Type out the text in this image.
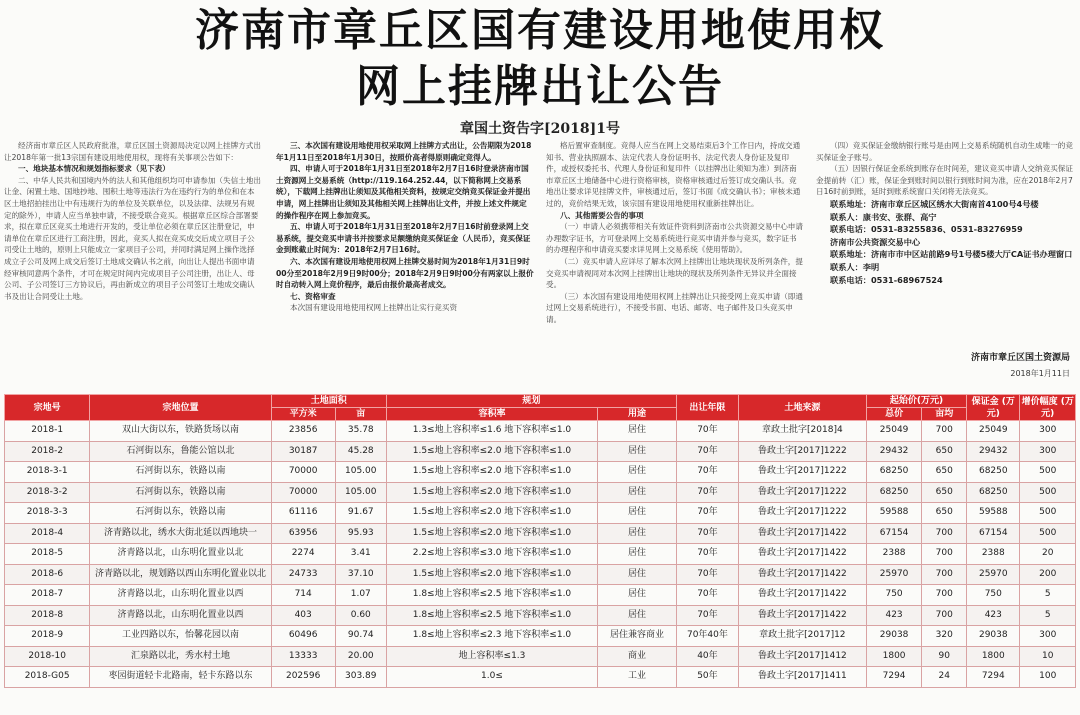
济南市章丘区国有建设用地使用权
网上挂牌出让公告
章国土资告字[2018]1号

经济南市章丘区人民政府批准，章丘区国土资源局决定以网上挂牌方式出让2018年第一批13宗国有建设用地使用权，现将有关事项公告如下：

一、地块基本情况和规划指标要求（见下表）

二、中华人民共和国境内外的法人和其他组织均可申请参加（失信土地出让金、闲置土地、国地抄地、囤积土地等违法行为在违约行为的单位和在本区土地招拍挂出让中有违规行为的单位及关联单位，以及法律、法规另有规定的除外），申请人应当单独申请，不接受联合竞买。根据章丘区综合部署要求，拟在章丘区竞买土地进行开发的，受让单位必须在章丘区注册登记，申请单位在章丘区进行工商注册，因此，竞买人拟在竞买成交后成立项目子公司受让土地的，原则上只能成立一家项目子公司，并同时满足网上操作选择成立子公司及网上成交后签订土地成交确认书之前，向出让人提出书面申请经审核同意两个条件，才可在规定时间内完成项目子公司注册，出让人、母公司、子公司签订三方协议后，再由新成立的项目子公司签订土地成交确认书及出让合同受让土地。

三、本次国有建设用地使用权采取网上挂牌方式出让，公告期限为2018年1月11日至2018年1月30日，按照价高者得原则确定竞得人。

四、申请人可于2018年1月31日至2018年2月7日16时登录济南市国土资源网上交易系统（http://119.164.252.44，以下简称网上交易系统），下载网上挂牌出让须知及其他相关资料，按规定交纳竞买保证金并提出申请，网上挂牌出让须知及其他相关网上挂牌出让文件，并按上述文件规定的操作程序在网上参加竞买。

五、申请人可于2018年1月31日至2018年2月7日16时前登录网上交易系统，提交竞买申请书并按要求足额缴纳竞买保证金（人民币），竞买保证金到账截止时间为：2018年2月7日16时。

六、本次国有建设用地使用权网上挂牌交易时间为2018年1月31日9时00分至2018年2月9日9时00分；2018年2月9日9时00分有两家以上报价时自动转入网上竞价程序，最后由报价最高者成交。

七、资格审查

本次国有建设用地使用权网上挂牌出让实行竞买资

格后置审查制度。竞得人应当在网上交易结束后3个工作日内，持成交通知书、营业执照副本、法定代表人身份证明书、法定代表人身份证及复印件，或授权委托书、代理人身份证和复印件（以挂牌出让须知为准）到济南市章丘区土地储备中心进行资格审核，资格审核通过后签订成交确认书。竞地出让要求详见挂牌文件，审核通过后，签订书面《成交确认书》；审核未通过的，竞价结果无效，该宗国有建设用地使用权重新挂牌出让。

八、其他需要公告的事项

（一）申请人必须携带相关有效证件资料到济南市公共资源交易中心申请办理数字证书，方可登录网上交易系统进行竞买申请并参与竞买，数字证书的办理程序和申请竞买要求详见网上交易系统《使用帮助》。

（二）竞买申请人应详尽了解本次网上挂牌出让地块现状及所列条件，提交竞买申请视同对本次网上挂牌出让地块的现状及所列条件无异议并全面接受。

（三）本次国有建设用地使用权网上挂牌出让只接受网上竞买申请（即通过网上交易系统进行），不接受书面、电话、邮寄、电子邮件及口头竞买申请。

（四）竞买保证金缴纳银行账号是由网上交易系统随机自动生成唯一的竞买保证金子账号。

（五）因银行保证金系统到账存在时间差，建议竞买申请人交纳竞买保证金提前转（汇）账，保证金到账时间以银行到账时间为准，应在2018年2月7日16时前到账，延时到账系统窗口关闭将无法竞买。

联系地址：济南市章丘区城区绣水大街南首4100号4号楼

联系人：康书安、张群、高宁

联系电话：0531-83255836、0531-83276959

济南市公共资源交易中心

联系地址：济南市市中区站前路9号1号楼5楼大厅CA证书办理窗口

联系人：李明

联系电话：0531-68967524

济南市章丘区国土资源局
2018年1月11日
宗地号	宗地位置	土地面积		规划		出让年限	土地来源	起始价(万元)		保证金 (万元)	增价幅度 (万元)
		平方米	亩	容积率	用途			总价	亩均		
2018-1	双山大街以东，铁路货场以南	23856	35.78	1.3≤地上容积率≤1.6 地下容积率≤1.0	居住	70年	章政土批字[2018]4	25049	700	25049	300
2018-2	石河街以东，鲁能公馆以北	30187	45.28	1.5≤地上容积率≤2.0 地下容积率≤1.0	居住	70年	鲁政土字[2017]1222	29432	650	29432	300
2018-3-1	石河街以东，铁路以南	70000	105.00	1.5≤地上容积率≤2.0 地下容积率≤1.0	居住	70年	鲁政土字[2017]1222	68250	650	68250	500
2018-3-2	石河街以东，铁路以南	70000	105.00	1.5≤地上容积率≤2.0 地下容积率≤1.0	居住	70年	鲁政土字[2017]1222	68250	650	68250	500
2018-3-3	石河街以东，铁路以南	61116	91.67	1.5≤地上容积率≤2.0 地下容积率≤1.0	居住	70年	鲁政土字[2017]1222	59588	650	59588	500
2018-4	济青路以北，绣水大街北延以西地块一	63956	95.93	1.5≤地上容积率≤2.0 地下容积率≤1.0	居住	70年	鲁政土字[2017]1422	67154	700	67154	500
2018-5	济青路以北，山东明化置业以北	2274	3.41	2.2≤地上容积率≤3.0 地下容积率≤1.0	居住	70年	鲁政土字[2017]1422	2388	700	2388	20
2018-6	济青路以北，规划路以西山东明化置业以北	24733	37.10	1.5≤地上容积率≤2.0 地下容积率≤1.0	居住	70年	鲁政土字[2017]1422	25970	700	25970	200
2018-7	济青路以北，山东明化置业以西	714	1.07	1.8≤地上容积率≤2.5 地下容积率≤1.0	居住	70年	鲁政土字[2017]1422	750	700	750	5
2018-8	济青路以北，山东明化置业以西	403	0.60	1.8≤地上容积率≤2.5 地下容积率≤1.0	居住	70年	鲁政土字[2017]1422	423	700	423	5
2018-9	工业四路以东，怡馨花园以南	60496	90.74	1.8≤地上容积率≤2.3 地下容积率≤1.0	居住兼容商业	70年40年	章政土批字[2017]12	29038	320	29038	300
2018-10	汇泉路以北，秀水村土地	13333	20.00	地上容积率≤1.3	商业	40年	鲁政土字[2017]1412	1800	90	1800	10
2018-G05	枣园街道轻卡北路南，轻卡东路以东	202596	303.89	1.0≤	工业	50年	鲁政土字[2017]1411	7294	24	7294	100
